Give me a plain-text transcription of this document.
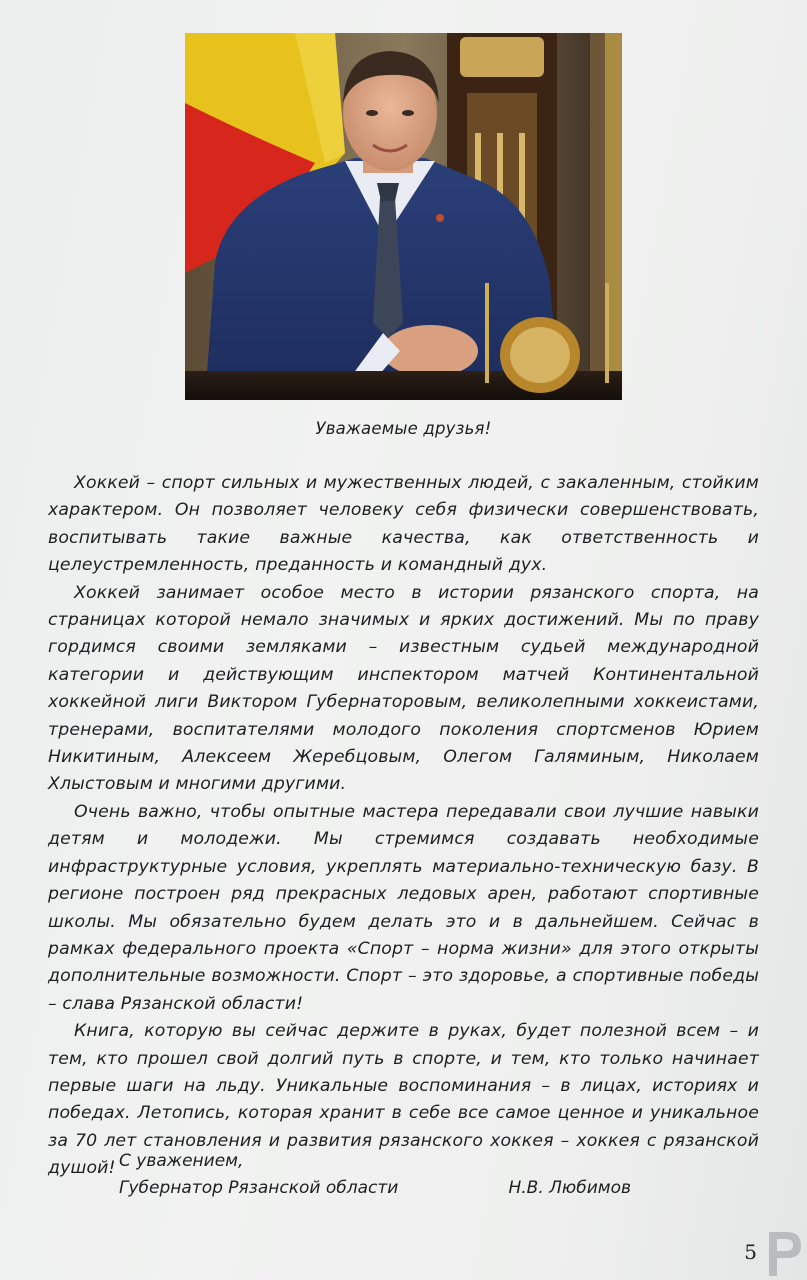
Уважаемые друзья!

Хоккей – спорт сильных и мужественных людей, с закаленным, стойким характером. Он позволяет человеку себя физически совершенствовать, воспитывать такие важные качества, как ответственность и целеустремленность, преданность и командный дух.

Хоккей занимает особое место в истории рязанского спорта, на страницах которой немало значимых и ярких достижений. Мы по праву гордимся своими земляками – известным судьей международной категории и действующим инспектором матчей Континентальной хоккейной лиги Виктором Губернаторовым, великолепными хоккеистами, тренерами, воспитателями молодого поколения спортсменов Юрием Никитиным, Алексеем Жеребцовым, Олегом Галяминым, Николаем Хлыстовым и многими другими.

Очень важно, чтобы опытные мастера передавали свои лучшие навыки детям и молодежи. Мы стремимся создавать необходимые инфраструктурные условия, укреплять материально-техническую базу. В регионе построен ряд прекрасных ледовых арен, работают спортивные школы. Мы обязательно будем делать это и в дальнейшем. Сейчас в рамках федерального проекта «Спорт – норма жизни» для этого открыты дополнительные возможности. Спорт – это здоровье, а спортивные победы – слава Рязанской области!

Книга, которую вы сейчас держите в руках, будет полезной всем – и тем, кто прошел свой долгий путь в спорте, и тем, кто только начинает первые шаги на льду. Уникальные воспоминания – в лицах, историях и победах. Летопись, которая хранит в себе все самое ценное и уникальное за 70 лет становления и развития рязанского хоккея – хоккея с рязанской душой! С уважением,
Губернатор Рязанской области	Н.В. Любимов
5
